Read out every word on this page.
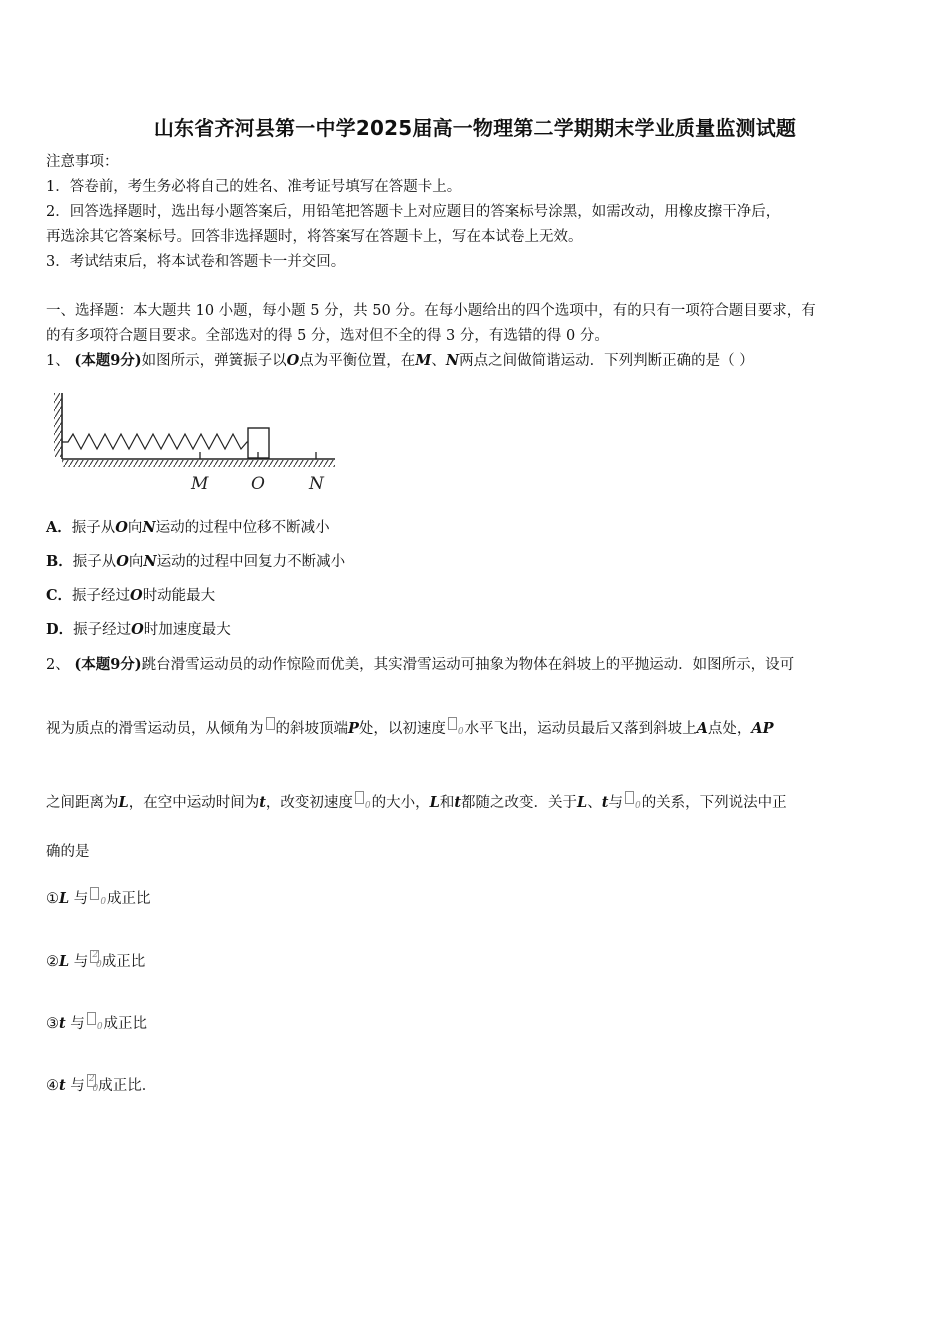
山东省齐河县第一中学2025届高一物理第二学期期末学业质量监测试题
注意事项：
1．答卷前，考生务必将自己的姓名、准考证号填写在答题卡上。
2．回答选择题时，选出每小题答案后，用铅笔把答题卡上对应题目的答案标号涂黑，如需改动，用橡皮擦干净后，
再选涂其它答案标号。回答非选择题时，将答案写在答题卡上，写在本试卷上无效。
3．考试结束后，将本试卷和答题卡一并交回。
一、选择题：本大题共 10 小题，每小题 5 分，共 50 分。在每小题给出的四个选项中，有的只有一项符合题目要求，有
的有多项符合题目要求。全部选对的得 5 分，选对但不全的得 3 分，有选错的得 0 分。
1、 (本题9分)如图所示，弹簧振子以O点为平衡位置，在M、N两点之间做简谐运动．下列判断正确的是（ ）
M	O	N
A．振子从O向N运动的过程中位移不断减小
B．振子从O向N运动的过程中回复力不断减小
C．振子经过O时动能最大
D．振子经过O时加速度最大
2、 (本题9分)跳台滑雪运动员的动作惊险而优美，其实滑雪运动可抽象为物体在斜坡上的平抛运动．如图所示，设可
视为质点的滑雪运动员，从倾角为 的斜坡顶端P处，以初速度 0水平飞出，运动员最后又落到斜坡上A点处，AP
之间距离为L，在空中运动时间为t，改变初速度 0的大小，L和t都随之改变．关于L、t与 0的关系，下列说法中正
确的是
①L 与 0成正比
②L 与 $^2$0成正比
③t 与 0成正比
④t 与 $^2$0成正比．
